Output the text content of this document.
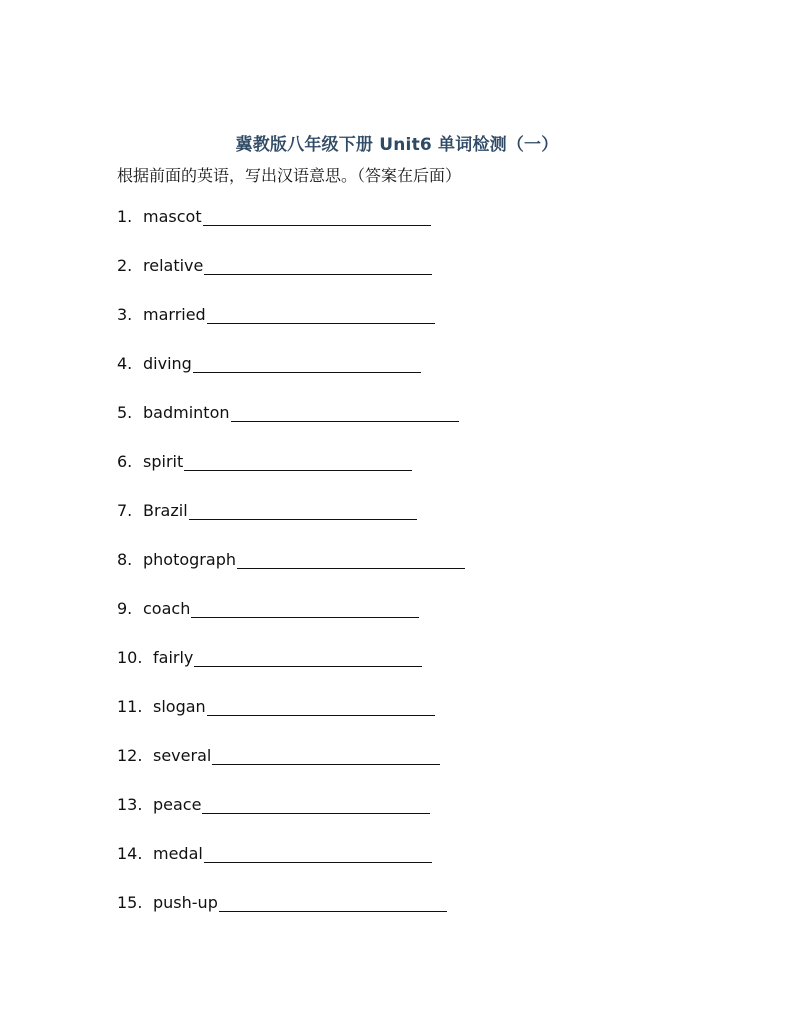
冀教版八年级下册 Unit6 单词检测（一）
根据前面的英语，写出汉语意思。（答案在后面）
1. mascot
2. relative
3. married
4. diving
5. badminton
6. spirit
7. Brazil
8. photograph
9. coach
10. fairly
11. slogan
12. several
13. peace
14. medal
15. push-up
